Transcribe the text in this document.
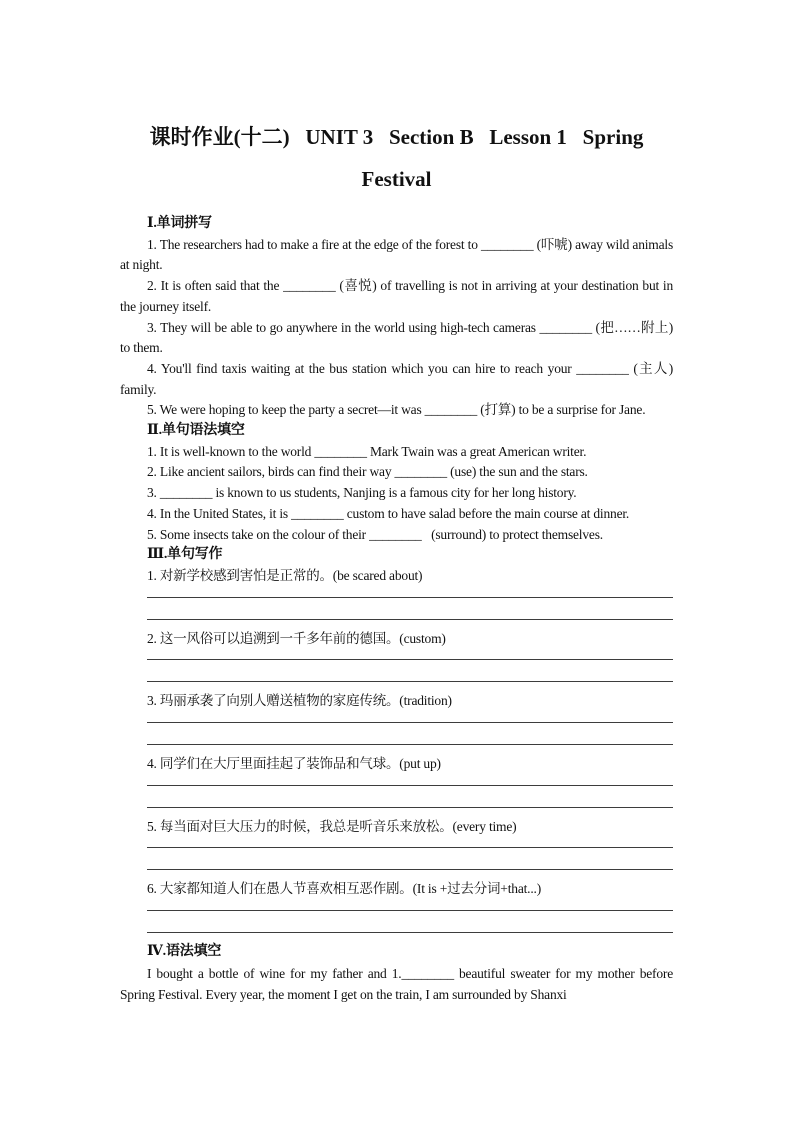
课时作业(十二)   UNIT 3   Section B   Lesson 1   Spring
Festival
Ⅰ.单词拼写

1. The researchers had to make a fire at the edge of the forest to ________ (吓唬) away wild animals at night.

2. It is often said that the ________ (喜悦) of travelling is not in arriving at your destination but in the journey itself.

3. They will be able to go anywhere in the world using high-tech cameras ________ (把……附上) to them.

4. You'll find taxis waiting at the bus station which you can hire to reach your ________ (主人) family.

5. We were hoping to keep the party a secret—it was ________ (打算) to be a surprise for Jane.

Ⅱ.单句语法填空

1. It is well-known to the world ________ Mark Twain was a great American writer.

2. Like ancient sailors, birds can find their way ________ (use) the sun and the stars.

3. ________ is known to us students, Nanjing is a famous city for her long history.

4. In the United States, it is ________ custom to have salad before the main course at dinner.

5. Some insects take on the colour of their ________   (surround) to protect themselves.

Ⅲ.单句写作

1. 对新学校感到害怕是正常的。(be scared about)

2. 这一风俗可以追溯到一千多年前的德国。(custom)

3. 玛丽承袭了向别人赠送植物的家庭传统。(tradition)

4. 同学们在大厅里面挂起了装饰品和气球。(put up)

5. 每当面对巨大压力的时候，我总是听音乐来放松。(every time)

6. 大家都知道人们在愚人节喜欢相互恶作剧。(It is +过去分词+that...)

Ⅳ.语法填空

I bought a bottle of wine for my father and 1.________ beautiful sweater for my mother before Spring Festival. Every year, the moment I get on the train, I am surrounded by Shanxi
